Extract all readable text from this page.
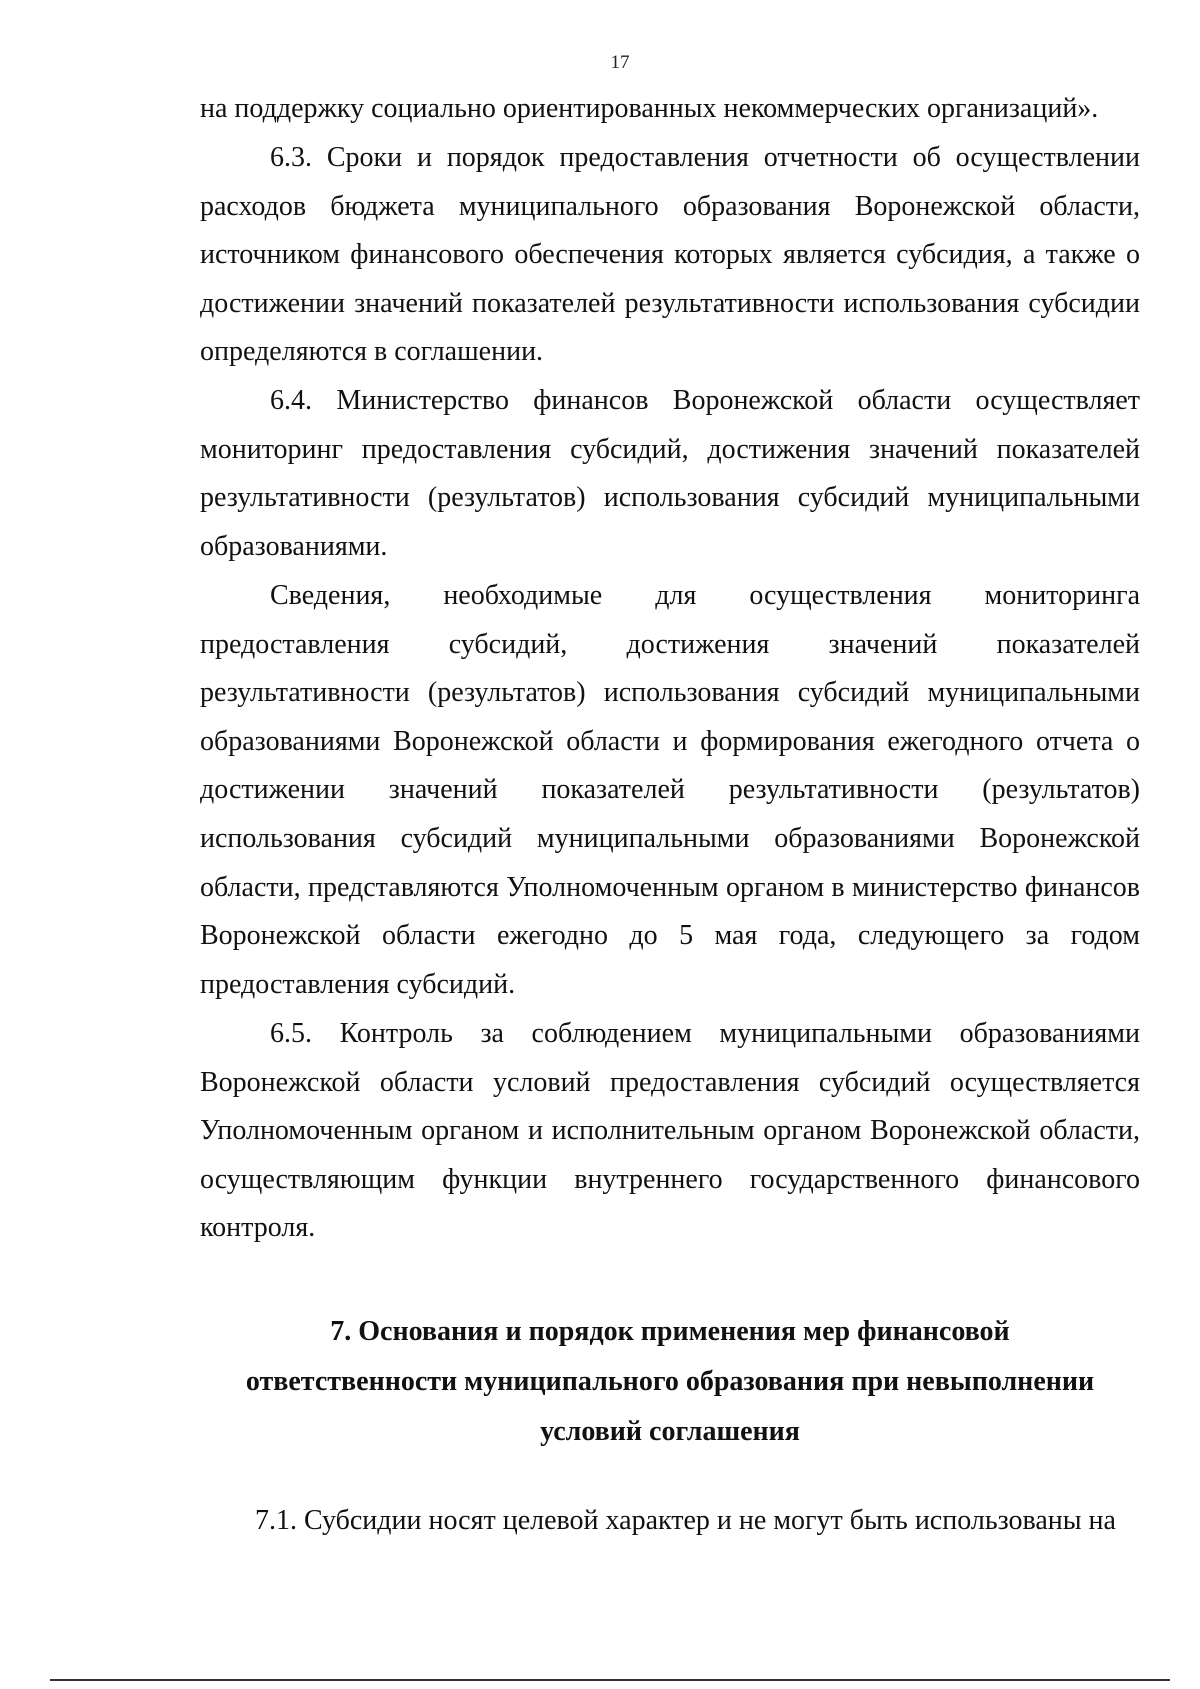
17

на поддержку социально ориентированных некоммерческих организаций».

6.3. Сроки и порядок предоставления отчетности об осуществлении расходов бюджета муниципального образования Воронежской области, источником финансового обеспечения которых является субсидия, а также о достижении значений показателей результативности использования субсидии определяются в соглашении.

6.4. Министерство финансов Воронежской области осуществляет мониторинг предоставления субсидий, достижения значений показателей результативности (результатов) использования субсидий муниципальными образованиями.

Сведения, необходимые для осуществления мониторинга предоставления субсидий, достижения значений показателей результативности (результатов) использования субсидий муниципальными образованиями Воронежской области и формирования ежегодного отчета о достижении значений показателей результативности (результатов) использования субсидий муниципальными образованиями Воронежской области, представляются Уполномоченным органом в министерство финансов Воронежской области ежегодно до 5 мая года, следующего за годом предоставления субсидий.

6.5. Контроль за соблюдением муниципальными образованиями Воронежской области условий предоставления субсидий осуществляется Уполномоченным органом и исполнительным органом Воронежской области, осуществляющим функции внутреннего государственного финансового контроля.

7. Основания и порядок применения мер финансовой
ответственности муниципального образования при невыполнении
условий соглашения
7.1. Субсидии носят целевой характер и не могут быть использованы на
